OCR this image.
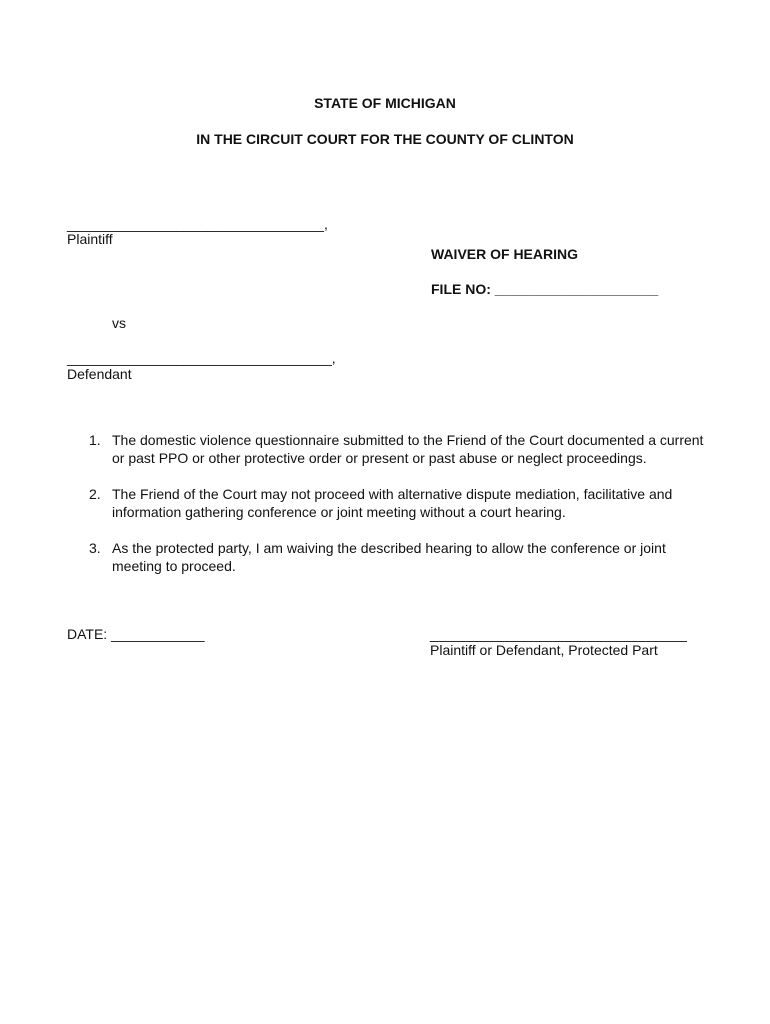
STATE OF MICHIGAN
IN THE CIRCUIT COURT FOR THE COUNTY OF CLINTON
_________________________________,
Plaintiff
WAIVER OF HEARING
FILE NO: _____________________
vs
__________________________________,
Defendant
1. The domestic violence questionnaire submitted to the Friend of the Court documented a current or past PPO or other protective order or present or past abuse or neglect proceedings.
2. The Friend of the Court may not proceed with alternative dispute mediation, facilitative and information gathering conference or joint meeting without a court hearing.
3. As the protected party, I am waiving the described hearing to allow the conference or joint meeting to proceed.
DATE: ____________	_________________________________
Plaintiff or Defendant, Protected Part
